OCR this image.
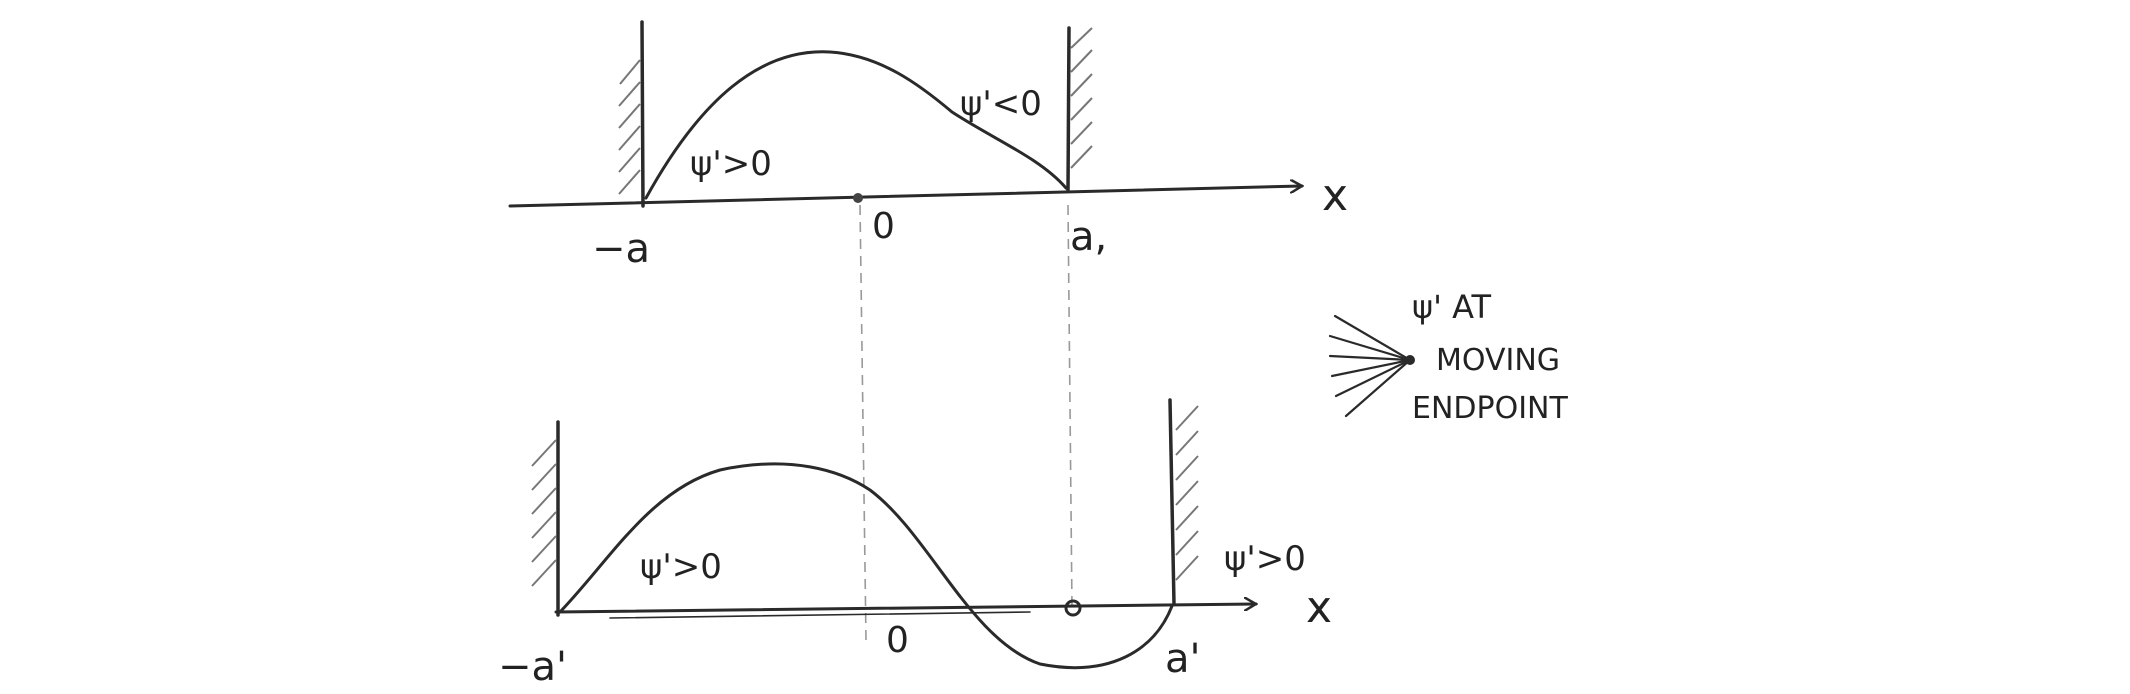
ψ'>0
ψ'<0
x
−a	0	a,
ψ'>0	ψ'>0
x
−a'
0	a'
ψ' AT
MOVING
ENDPOINT
